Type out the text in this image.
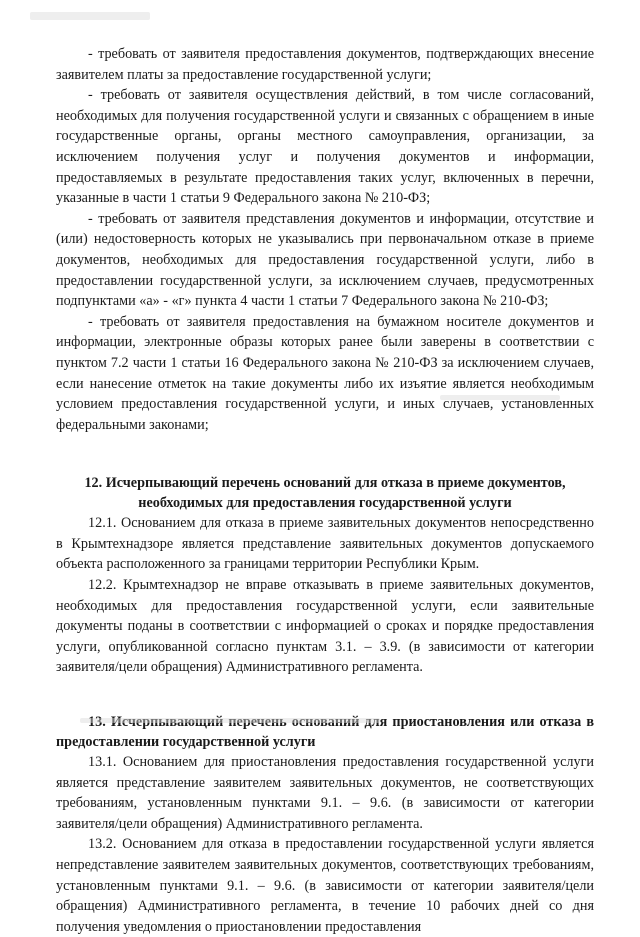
- требовать от заявителя предоставления документов, подтверждающих внесение заявителем платы за предоставление государственной услуги;

- требовать от заявителя осуществления действий, в том числе согласований, необходимых для получения государственной услуги и связанных с обращением в иные государственные органы, органы местного самоуправления, организации, за исключением получения услуг и получения документов и информации, предоставляемых в результате предоставления таких услуг, включенных в перечни, указанные в части 1 статьи 9 Федерального закона № 210-ФЗ;

- требовать от заявителя представления документов и информации, отсутствие и (или) недостоверность которых не указывались при первоначальном отказе в приеме документов, необходимых для предоставления государственной услуги, либо в предоставлении государственной услуги, за исключением случаев, предусмотренных подпунктами «а» - «г» пункта 4 части 1 статьи 7 Федерального закона № 210-ФЗ;

- требовать от заявителя предоставления на бумажном носителе документов и информации, электронные образы которых ранее были заверены в соответствии с пунктом 7.2 части 1 статьи 16 Федерального закона № 210-ФЗ за исключением случаев, если нанесение отметок на такие документы либо их изъятие является необходимым условием предоставления государственной услуги, и иных случаев, установленных федеральными законами;

12. Исчерпывающий перечень оснований для отказа в приеме документов, необходимых для предоставления государственной услуги

12.1. Основанием для отказа в приеме заявительных документов непосредственно в Крымтехнадзоре является представление заявительных документов допускаемого объекта расположенного за границами территории Республики Крым.

12.2. Крымтехнадзор не вправе отказывать в приеме заявительных документов, необходимых для предоставления государственной услуги, если заявительные документы поданы в соответствии с информацией о сроках и порядке предоставления услуги, опубликованной согласно пунктам 3.1. – 3.9. (в зависимости от категории заявителя/цели обращения) Административного регламента.

13. Исчерпывающий перечень оснований для приостановления или отказа в предоставлении государственной услуги

13.1. Основанием для приостановления предоставления государственной услуги является представление заявителем заявительных документов, не соответствующих требованиям, установленным пунктами 9.1. – 9.6. (в зависимости от категории заявителя/цели обращения) Административного регламента.

13.2. Основанием для отказа в предоставлении государственной услуги является непредставление заявителем заявительных документов, соответствующих требованиям, установленным пунктами 9.1. – 9.6. (в зависимости от категории заявителя/цели обращения) Административного регламента, в течение 10 рабочих дней со дня получения уведомления о приостановлении предоставления
